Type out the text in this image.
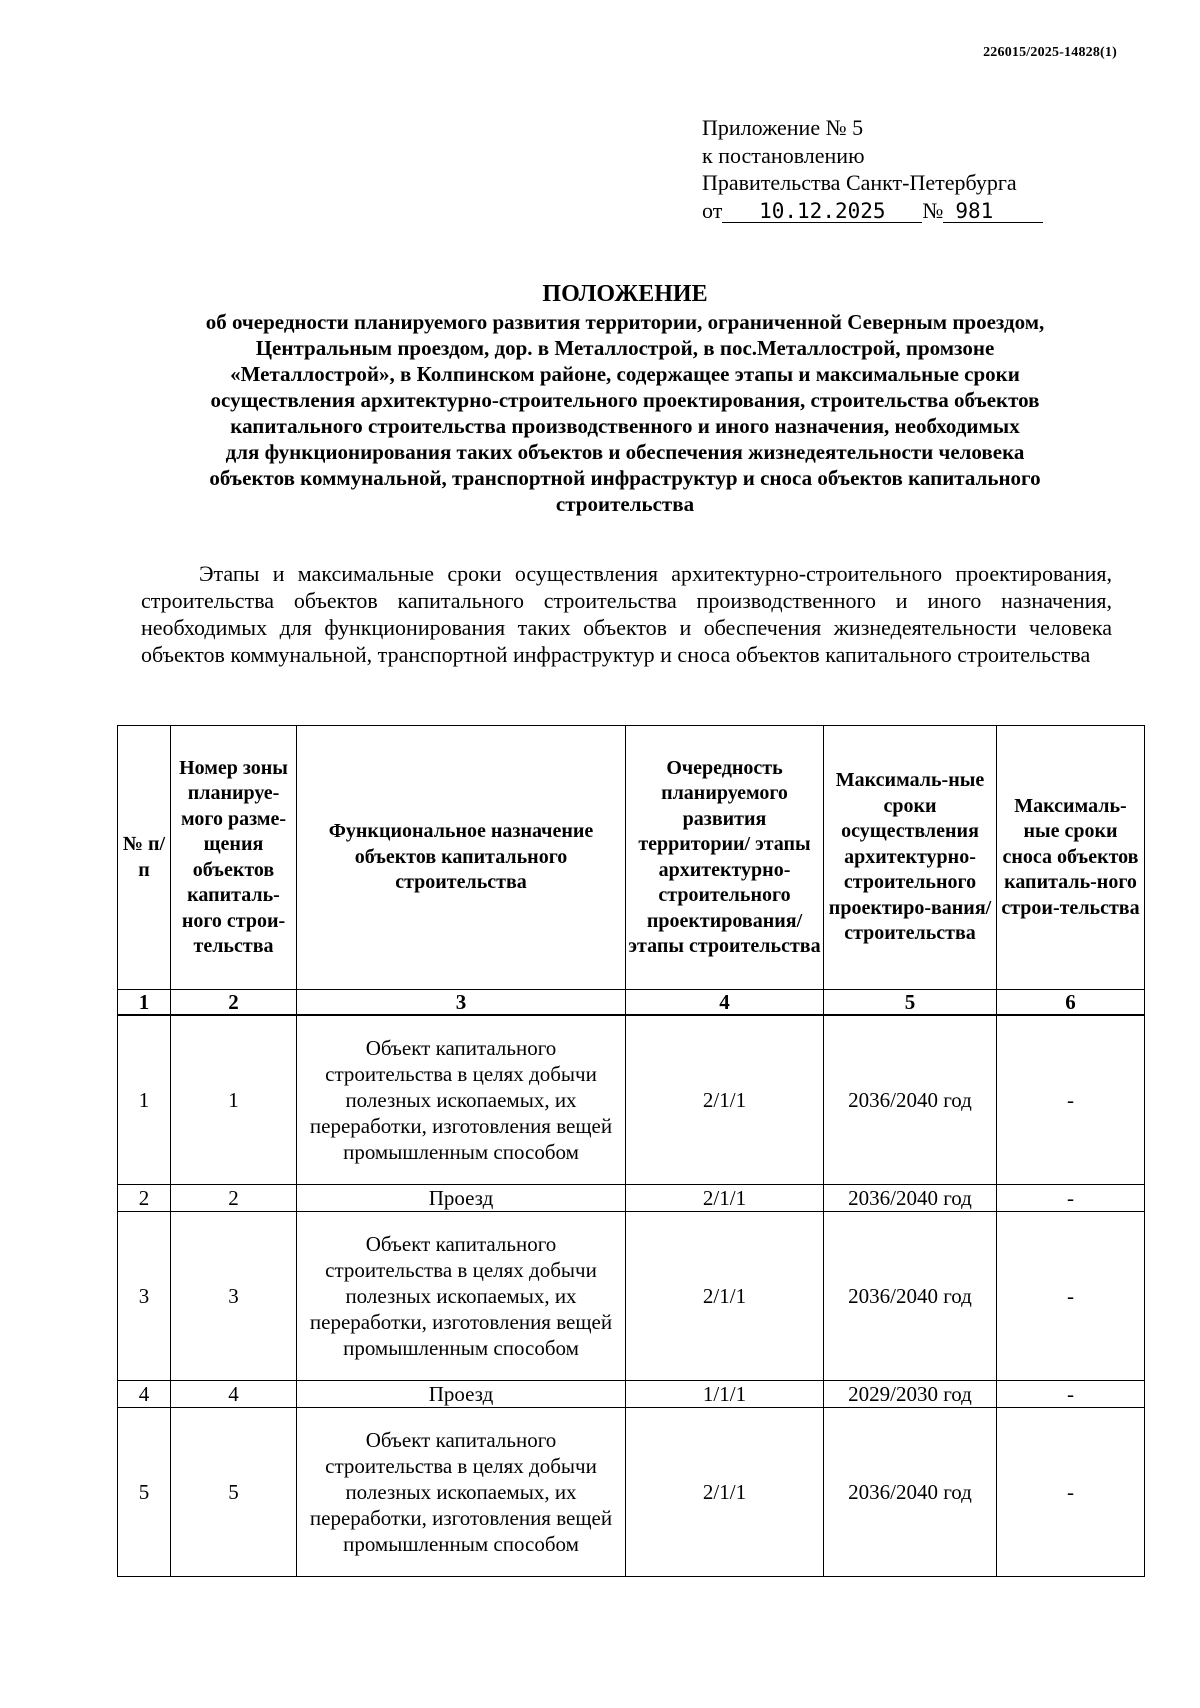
226015/2025-14828(1)
Приложение № 5
к постановлению
Правительства Санкт-Петербурга
от 10.12.2025 № 981
ПОЛОЖЕНИЕ
об очередности планируемого развития территории, ограниченной Северным проездом,
Центральным проездом, дор. в Металлострой, в пос.Металлострой, промзоне
«Металлострой», в Колпинском районе, содержащее этапы и максимальные сроки
осуществления архитектурно-строительного проектирования, строительства объектов
капитального строительства производственного и иного назначения, необходимых
для функционирования таких объектов и обеспечения жизнедеятельности человека
объектов коммунальной, транспортной инфраструктур и сноса объектов капитального
строительства
Этапы и максимальные сроки осуществления архитектурно-строительного проектирования, строительства объектов капитального строительства производственного и иного назначения, необходимых для функционирования таких объектов и обеспечения жизнедеятельности человека объектов коммунальной, транспортной инфраструктур и сноса объектов капитального строительства
№ п/п	Номер зоны планируе-мого разме-щения объектов капиталь-ного строи-тельства	Функциональное назначение объектов капитального строительства	Очередность планируемого развития территории/ этапы архитектурно-строительного проектирования/ этапы строительства	Максималь-ные сроки осуществления архитектурно-строительного проектиро-вания/ строительства	Максималь-ные сроки сноса объектов капиталь-ного строи-тельства
1	2	3	4	5	6
1	1	Объект капитального строительства в целях добычи полезных ископаемых, их переработки, изготовления вещей промышленным способом	2/1/1	2036/2040 год	-
2	2	Проезд	2/1/1	2036/2040 год	-
3	3	Объект капитального строительства в целях добычи полезных ископаемых, их переработки, изготовления вещей промышленным способом	2/1/1	2036/2040 год	-
4	4	Проезд	1/1/1	2029/2030 год	-
5	5	Объект капитального строительства в целях добычи полезных ископаемых, их переработки, изготовления вещей промышленным способом	2/1/1	2036/2040 год	-
